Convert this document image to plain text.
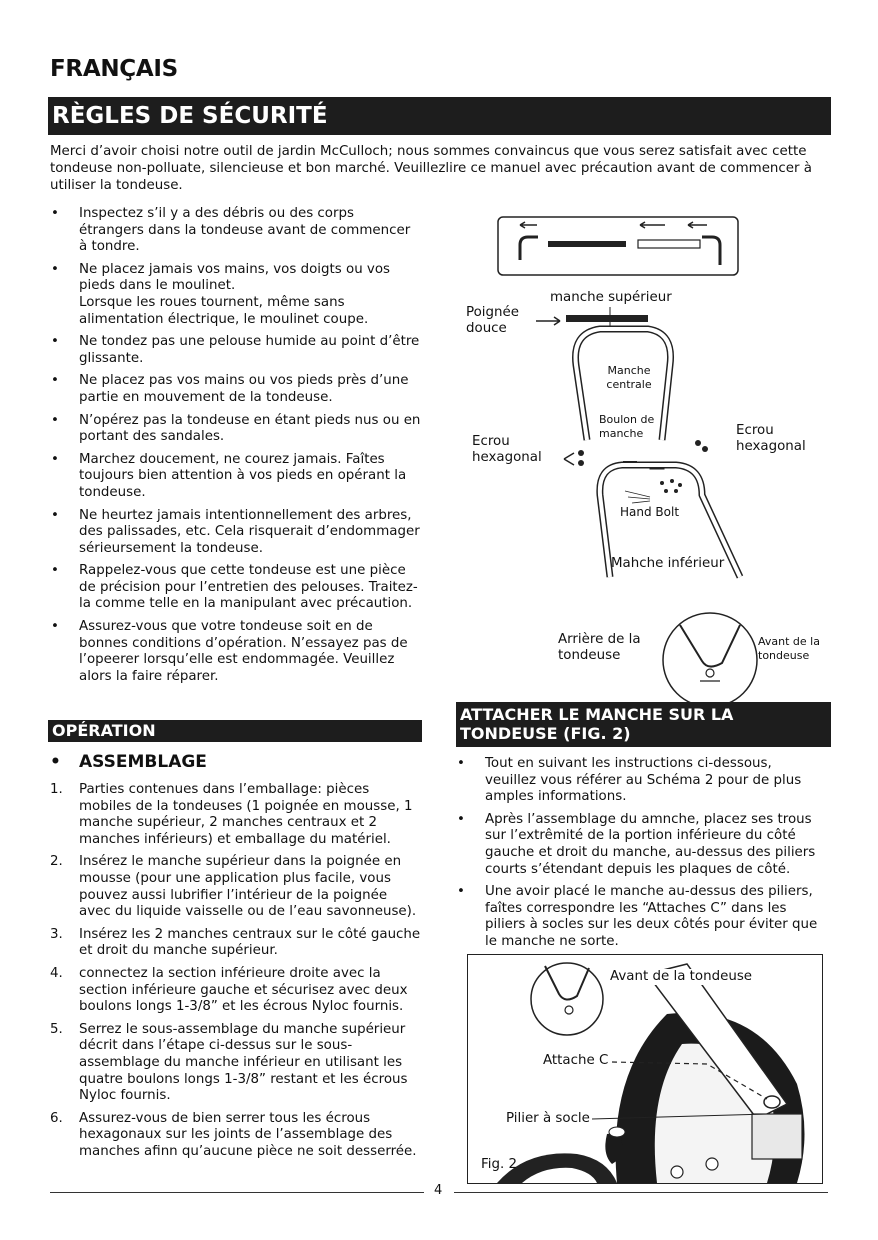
FRANÇAIS
RÈGLES DE SÉCURITÉ
Merci d’avoir choisi notre outil de jardin McCulloch; nous sommes convaincus que vous serez satisfait avec cette tondeuse non-polluate, silencieuse et bon marché. Veuillezlire ce manuel avec précaution avant de commencer à utiliser la tondeuse.
• Inspectez s’il y a des débris ou des corps étrangers dans la tondeuse avant de commencer à tondre.
• Ne placez jamais vos mains, vos doigts ou vos pieds dans le moulinet.
Lorsque les roues tournent, même sans alimentation électrique, le moulinet coupe.
• Ne tondez pas une pelouse humide au point d’être glissante.
• Ne placez pas vos mains ou vos pieds près d’une partie en mouvement de la tondeuse.
• N’opérez pas la tondeuse en étant pieds nus ou en portant des sandales.
• Marchez doucement, ne courez jamais. Faîtes toujours bien attention à vos pieds en opérant la tondeuse.
• Ne heurtez jamais intentionnellement des arbres, des palissades, etc. Cela risquerait d’endommager sérieursement la tondeuse.
• Rappelez-vous que cette tondeuse est une pièce de précision pour l’entretien des pelouses. Traitez-la comme telle en la manipulant avec précaution.
• Assurez-vous que votre tondeuse soit en de bonnes conditions d’opération. N’essayez pas de l’opeerer lorsqu’elle est endommagée. Veuillez alors la faire réparer.
OPÉRATION
• ASSEMBLAGE
1. Parties contenues dans l’emballage: pièces mobiles de la tondeuses (1 poignée en mousse, 1 manche supérieur, 2 manches centraux et 2 manches inférieurs) et emballage du matériel.
2. Insérez le manche supérieur dans la poignée en mousse (pour une application plus facile, vous pouvez aussi lubrifier l’intérieur de la poignée avec du liquide vaisselle ou de l’eau savonneuse).
3. Insérez les 2 manches centraux sur le côté gauche et droit du manche supérieur.
4. connectez la section inférieure droite avec la section inférieure gauche et sécurisez avec deux boulons longs 1-3/8” et les écrous Nyloc fournis.
5. Serrez le sous-assemblage du manche supérieur décrit dans l’étape ci-dessus sur le sous-assemblage du manche inférieur en utilisant les quatre boulons longs 1-3/8” restant et les écrous Nyloc fournis.
6. Assurez-vous de bien serrer tous les écrous hexagonaux sur les joints de l’assemblage des manches afinn qu’aucune pièce ne soit desserrée.
manche supérieur
Poignée douce
Manche centrale
Boulon de manche
Ecrou hexagonal
Ecrou hexagonal
Hand Bolt
Mahche inférieur
Arrière de la tondeuse
Avant de la tondeuse
ATTACHER LE MANCHE SUR LA TONDEUSE (FIG. 2)
• Tout en suivant les instructions ci-dessous, veuillez vous référer au Schéma 2 pour de plus amples informations.
• Après l’assemblage du amnche, placez ses trous sur l’extrêmité de la portion inférieure du côté gauche et droit du manche, au-dessus des piliers courts s’étendant depuis les plaques de côté.
• Une avoir placé le manche au-dessus des piliers, faîtes correspondre les “Attaches C” dans les piliers à socles sur les deux côtés pour éviter que le manche ne sorte.
Avant de la tondeuse
Attache C
Pilier à socle
Fig. 2
4
